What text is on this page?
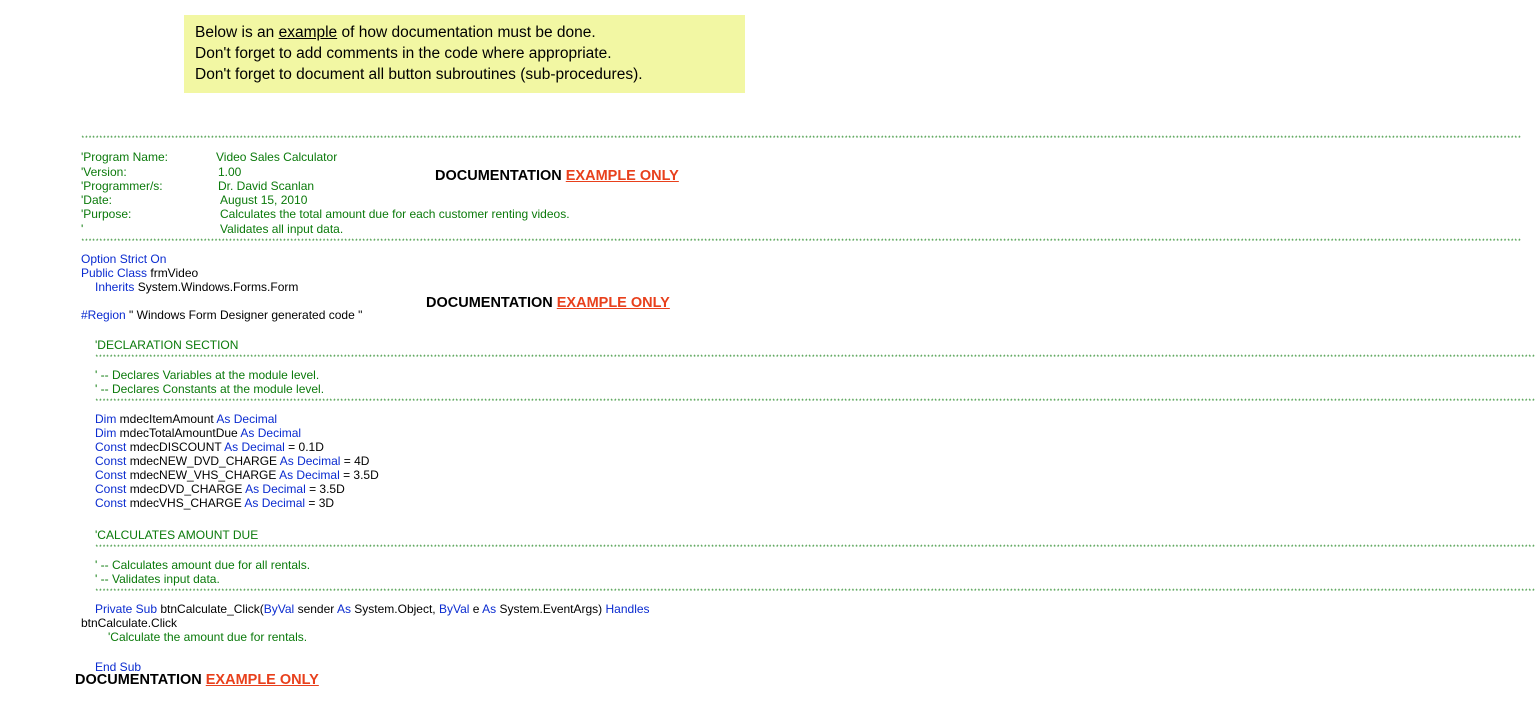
Below is an example of how documentation must be done.
Don't forget to add comments in the code where appropriate.
Don't forget to document all button subroutines (sub-procedures).
****************************************************************************************************************************************************************************************************************************************************************************************************************************************************************************************************************
'Program Name:	Video Sales Calculator
'Version:	1.00
'Programmer/s:	Dr. David Scanlan
'Date:	August 15, 2010
'Purpose:	Calculates the total amount due for each customer renting videos.
'	Validates all input data.
****************************************************************************************************************************************************************************************************************************************************************************************************************************************************************************************************************
Option Strict On
Public Class frmVideo
Inherits System.Windows.Forms.Form
#Region " Windows Form Designer generated code "
'DECLARATION SECTION
****************************************************************************************************************************************************************************************************************************************************************************************************************************************************************************************************************
' -- Declares Variables at the module level.
' -- Declares Constants at the module level.
****************************************************************************************************************************************************************************************************************************************************************************************************************************************************************************************************************
Dim mdecItemAmount As Decimal
Dim mdecTotalAmountDue As Decimal
Const mdecDISCOUNT As Decimal = 0.1D
Const mdecNEW_DVD_CHARGE As Decimal = 4D
Const mdecNEW_VHS_CHARGE As Decimal = 3.5D
Const mdecDVD_CHARGE As Decimal = 3.5D
Const mdecVHS_CHARGE As Decimal = 3D
'CALCULATES AMOUNT DUE
****************************************************************************************************************************************************************************************************************************************************************************************************************************************************************************************************************
' -- Calculates amount due for all rentals.
' -- Validates input data.
****************************************************************************************************************************************************************************************************************************************************************************************************************************************************************************************************************
Private Sub btnCalculate_Click(ByVal sender As System.Object, ByVal e As System.EventArgs) Handles
btnCalculate.Click
'Calculate the amount due for rentals.
End Sub
DOCUMENTATION EXAMPLE ONLY
DOCUMENTATION EXAMPLE ONLY
DOCUMENTATION EXAMPLE ONLY
